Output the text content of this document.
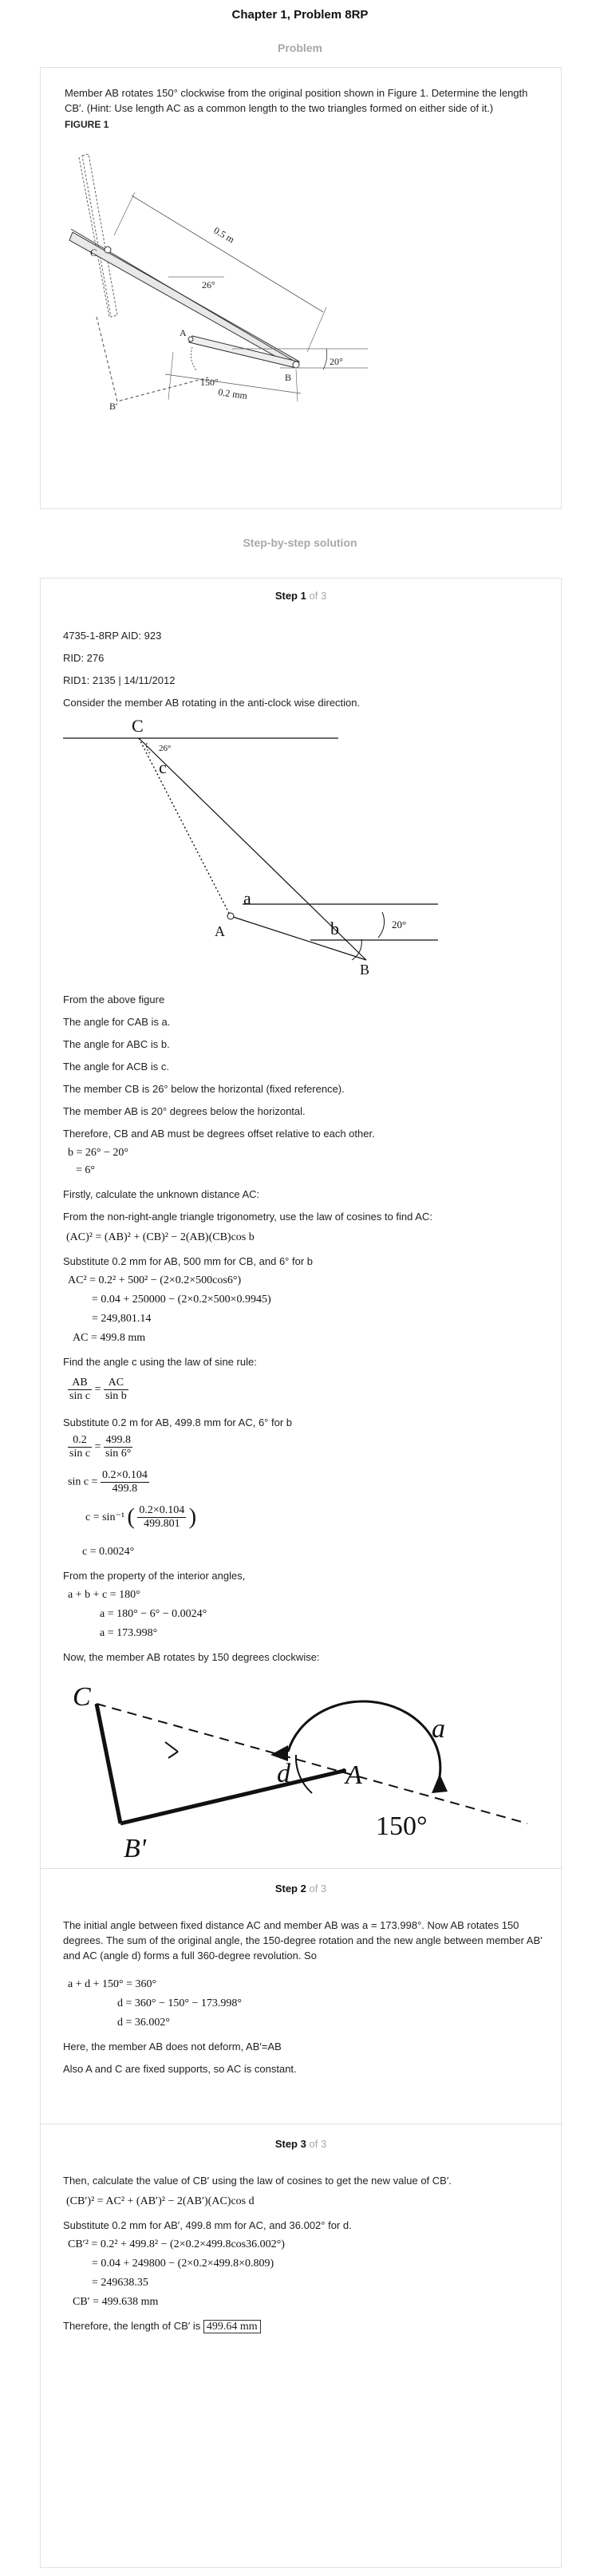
Chapter 1, Problem 8RP
Problem
Member AB rotates 150° clockwise from the original position shown in Figure 1. Determine the length CB′. (Hint: Use length AC as a common length to the two triangles formed on either side of it.)
FIGURE 1
C
A
B
B'
0.5 m
0.2 mm
26°
20°
150°
Step-by-step solution
Step 1 of 3
4735-1-8RP AID: 923
RID: 276
RID1: 2135 | 14/11/2012
Consider the member AB rotating in the anti-clock wise direction.
C
26°
c
a
A	b
B
20°
From the above figure
The angle for CAB is a.
The angle for ABC is b.
The angle for ACB is c.
The member CB is 26° below the horizontal (fixed reference).
The member AB is 20° degrees below the horizontal.
Therefore, CB and AB must be degrees offset relative to each other.
b = 26° − 20°
= 6°
Firstly, calculate the unknown distance AC:
From the non-right-angle triangle trigonometry, use the law of cosines to find AC:
(AC)² = (AB)² + (CB)² − 2(AB)(CB)cos b
Substitute 0.2 mm for AB, 500 mm for CB, and 6° for b
AC² = 0.2² + 500² − (2×0.2×500cos6°)
= 0.04 + 250000 − (2×0.2×500×0.9945)
= 249,801.14
AC = 499.8 mm
Find the angle c using the law of sine rule:
$\frac{AB}{\text{sin c}} = \frac{AC}{\text{sin b}}$
Substitute 0.2 m for AB, 499.8 mm for AC, 6° for b
$\frac{0.2}{\text{sin c}} = \frac{499.8}{\sin 6^\circ}$
$\sin c = \frac{0.2\times 0.104}{499.8}$
c = sin⁻¹ ( $\frac{0.2\times 0.104}{499.801}$ )
c = 0.0024°
From the property of the interior angles,
a + b + c = 180°
a = 180° − 6° − 0.0024°
a = 173.998°
Now, the member AB rotates by 150 degrees clockwise:
C
a
d A
150°
B'
Step 2 of 3
The initial angle between fixed distance AC and member AB was a = 173.998°. Now AB rotates 150 degrees. The sum of the original angle, the 150-degree rotation and the new angle between member AB' and AC (angle d) forms a full 360-degree revolution. So
a + d + 150° = 360°
d = 360° − 150° − 173.998°
d = 36.002°
Here, the member AB does not deform, AB′=AB
Also A and C are fixed supports, so AC is constant.
Step 3 of 3
Then, calculate the value of CB′ using the law of cosines to get the new value of CB′.
(CB′)² = AC² + (AB′)² − 2(AB′)(AC)cos d
Substitute 0.2 mm for AB′, 499.8 mm for AC, and 36.002° for d.
CB′² = 0.2² + 499.8² − (2×0.2×499.8cos36.002°)
= 0.04 + 249800 − (2×0.2×499.8×0.809)
= 249638.35
CB′ = 499.638 mm
Therefore, the length of CB′ is 499.64 mm
